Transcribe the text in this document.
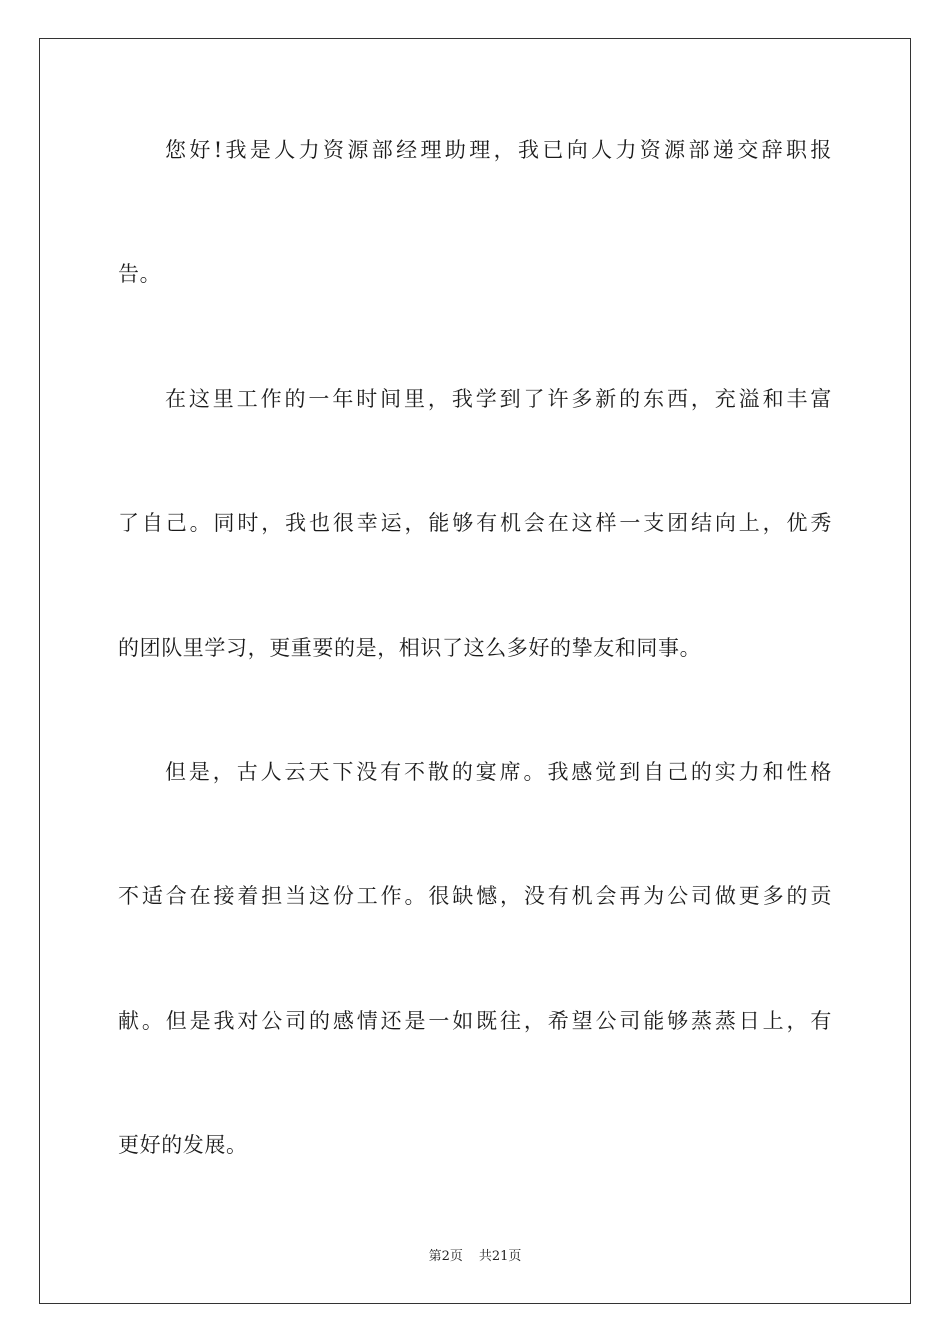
您好!我是人力资源部经理助理，我已向人力资源部递交辞职报
告。
在这里工作的一年时间里，我学到了许多新的东西，充溢和丰富
了自己。同时，我也很幸运，能够有机会在这样一支团结向上，优秀
的团队里学习，更重要的是，相识了这么多好的挚友和同事。
但是，古人云天下没有不散的宴席。我感觉到自己的实力和性格
不适合在接着担当这份工作。很缺憾，没有机会再为公司做更多的贡
献。但是我对公司的感情还是一如既往，希望公司能够蒸蒸日上，有
更好的发展。
第2页 共21页
